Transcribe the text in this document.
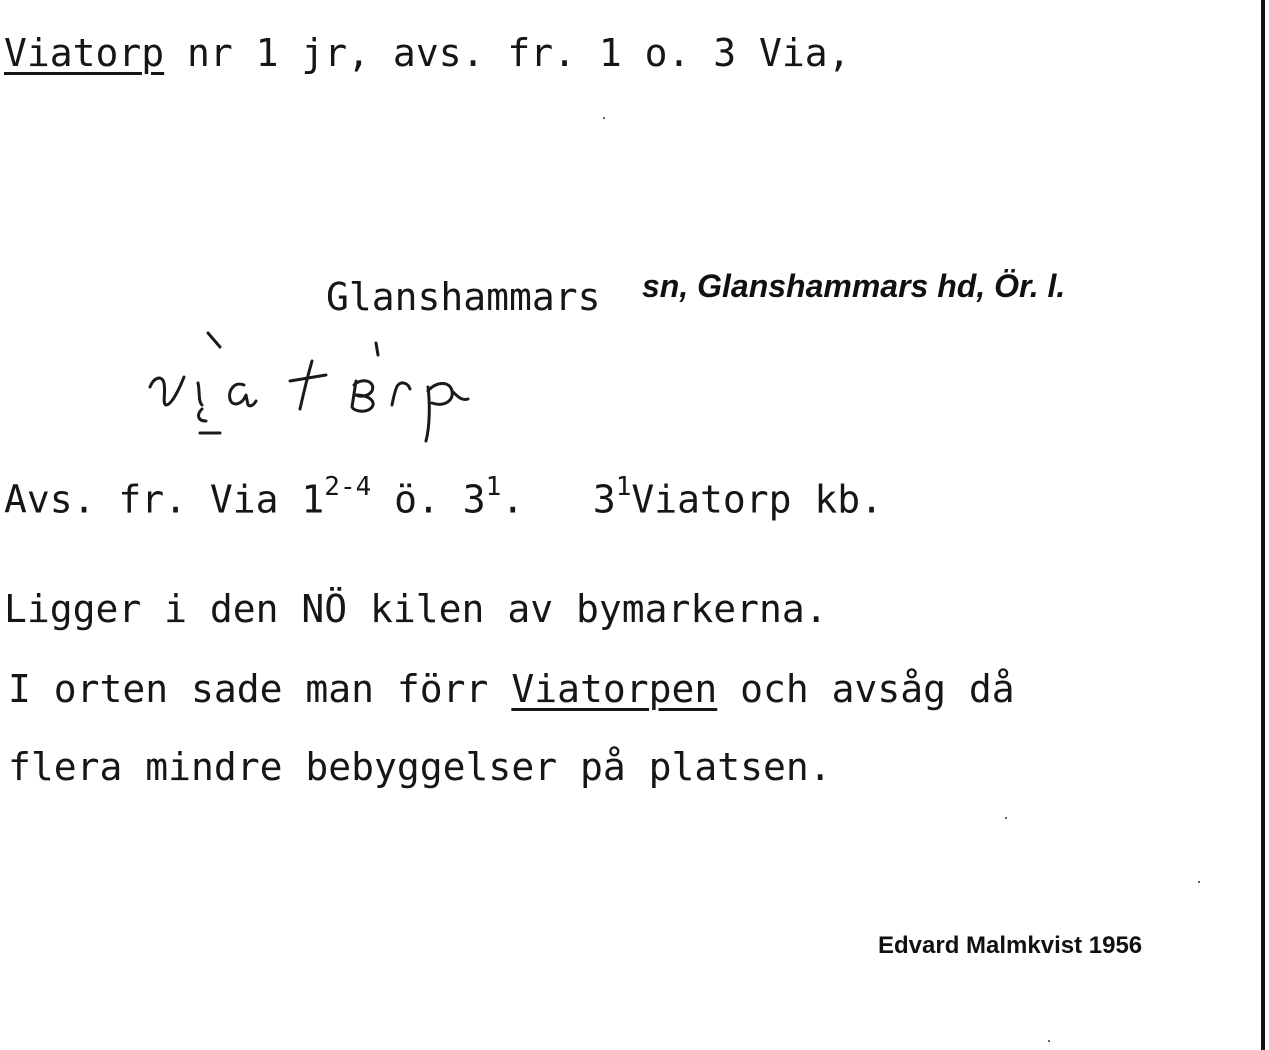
Viatorp nr 1 jr, avs. fr. 1 o. 3 Via,
Glanshammars sn, Glanshammars hd, Ör. l.
Avs. fr. Via 1$^{2-4}$ ö. $3^1$.   $3^1Viatorp$ kb.
Ligger i den NÖ kilen av bymarkerna.
I orten sade man förr Viatorpen och avsåg då
flera mindre bebyggelser på platsen.
Edvard Malmkvist 1956
